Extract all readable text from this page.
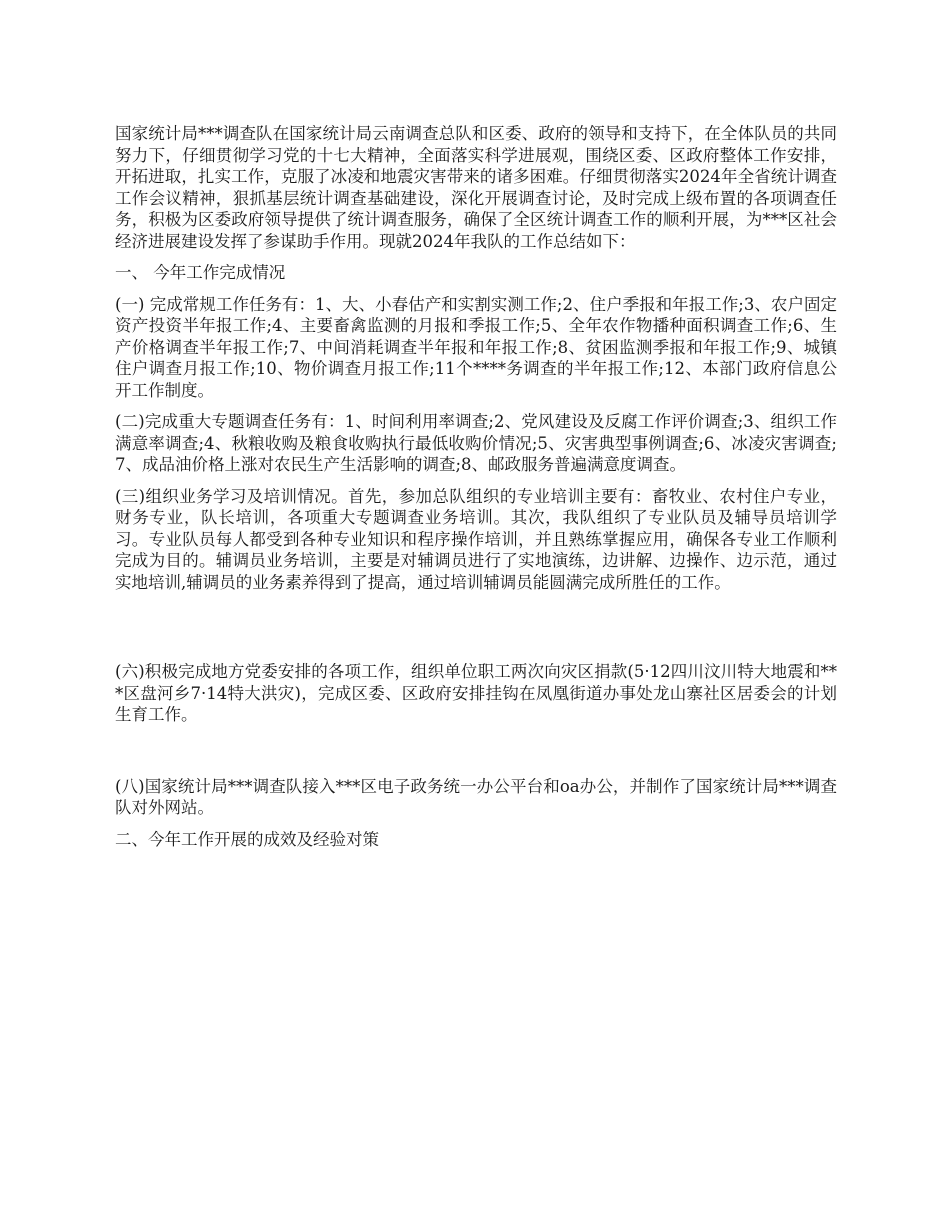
国家统计局***调查队在国家统计局云南调查总队和区委、政府的领导和支持下，在全体队员的共同努力下，仔细贯彻学习党的十七大精神，全面落实科学进展观，围绕区委、区政府整体工作安排，开拓进取，扎实工作，克服了冰凌和地震灾害带来的诸多困难。仔细贯彻落实2024年全省统计调查工作会议精神，狠抓基层统计调查基础建设，深化开展调查讨论，及时完成上级布置的各项调查任务，积极为区委政府领导提供了统计调查服务，确保了全区统计调查工作的顺利开展，为***区社会经济进展建设发挥了参谋助手作用。现就2024年我队的工作总结如下：

一、 今年工作完成情况

(一) 完成常规工作任务有：1、大、小春估产和实割实测工作;2、住户季报和年报工作;3、农户固定资产投资半年报工作;4、主要畜禽监测的月报和季报工作;5、全年农作物播种面积调查工作;6、生产价格调查半年报工作;7、中间消耗调查半年报和年报工作;8、贫困监测季报和年报工作;9、城镇住户调查月报工作;10、物价调查月报工作;11个****务调查的半年报工作;12、本部门政府信息公开工作制度。

(二)完成重大专题调查任务有：1、时间利用率调查;2、党风建设及反腐工作评价调查;3、组织工作满意率调查;4、秋粮收购及粮食收购执行最低收购价情况;5、灾害典型事例调查;6、冰凌灾害调查;7、成品油价格上涨对农民生产生活影响的调查;8、邮政服务普遍满意度调查。

(三)组织业务学习及培训情况。首先，参加总队组织的专业培训主要有：畜牧业、农村住户专业，财务专业，队长培训，各项重大专题调查业务培训。其次，我队组织了专业队员及辅导员培训学习。专业队员每人都受到各种专业知识和程序操作培训，并且熟练掌握应用，确保各专业工作顺利完成为目的。辅调员业务培训，主要是对辅调员进行了实地演练，边讲解、边操作、边示范，通过实地培训,辅调员的业务素养得到了提高，通过培训辅调员能圆满完成所胜任的工作。

(六)积极完成地方党委安排的各项工作，组织单位职工两次向灾区捐款(5·12四川汶川特大地震和***区盘河乡7·14特大洪灾)，完成区委、区政府安排挂钩在凤凰街道办事处龙山寨社区居委会的计划生育工作。

(八)国家统计局***调查队接入***区电子政务统一办公平台和oa办公，并制作了国家统计局***调查队对外网站。

二、今年工作开展的成效及经验对策
